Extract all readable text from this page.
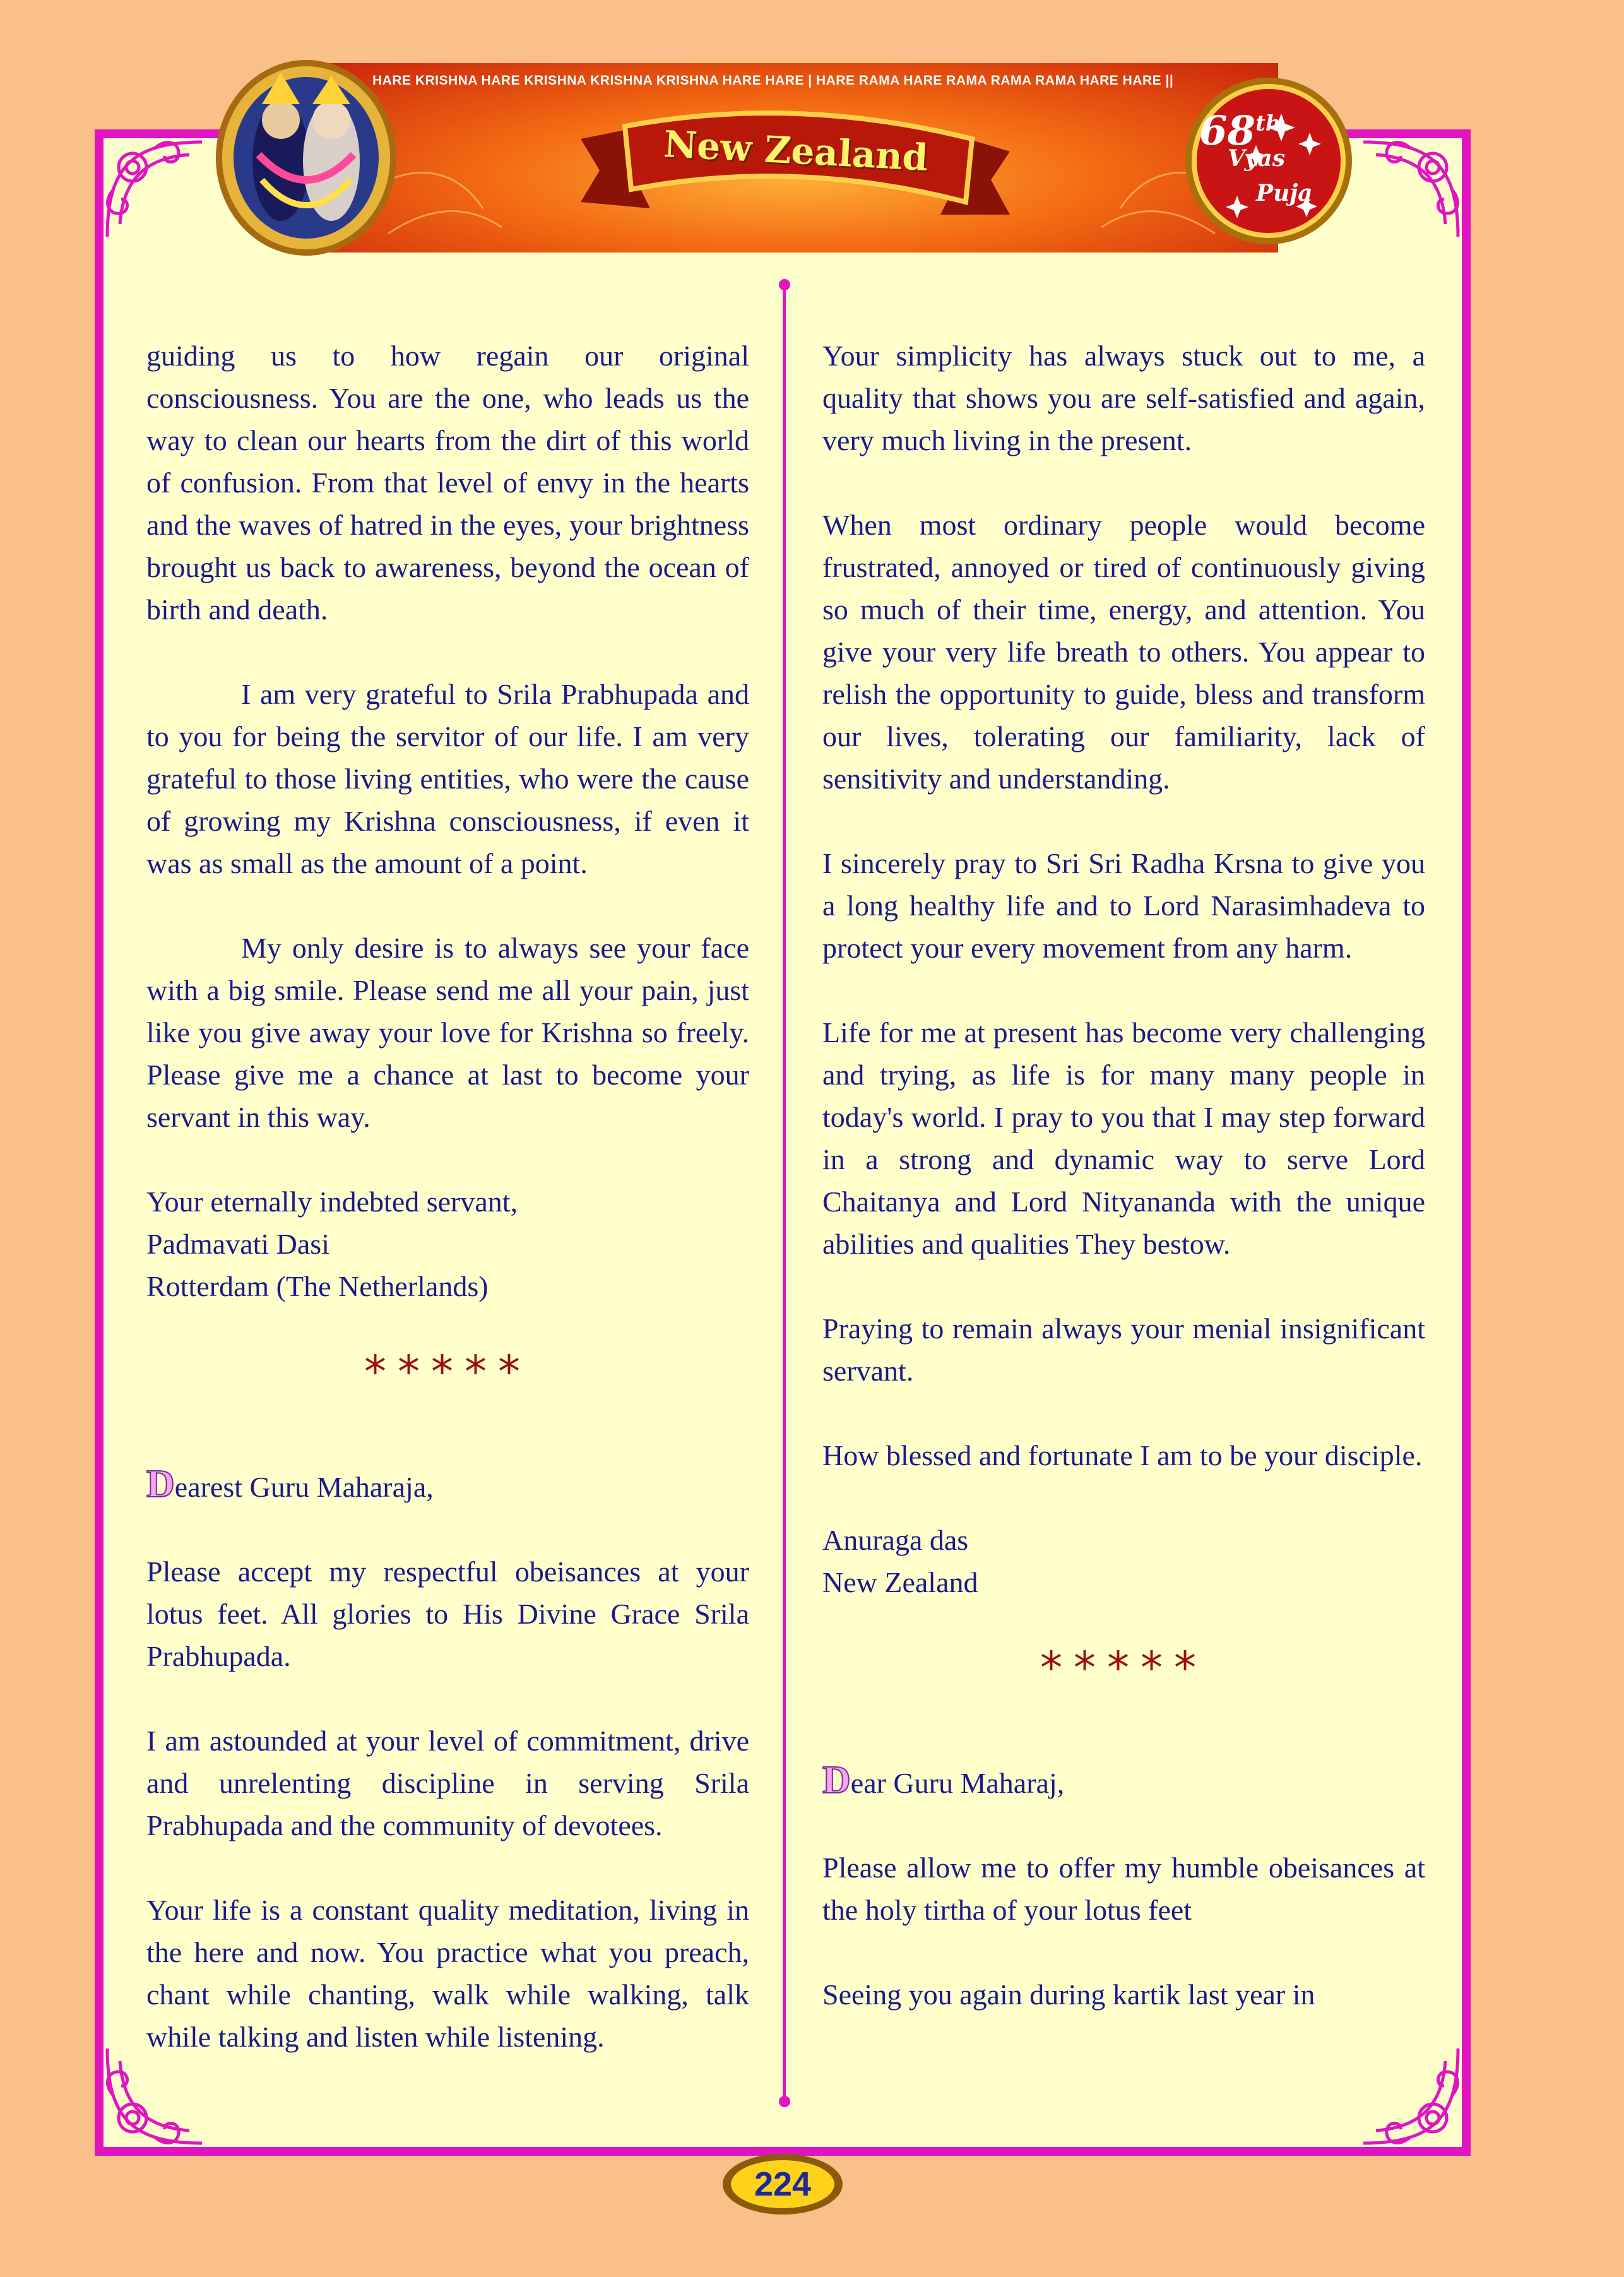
HARE KRISHNA HARE KRISHNA KRISHNA KRISHNA HARE HARE | HARE RAMA HARE RAMA RAMA RAMA HARE HARE ||
New Zealand	68th
Vyas
Puja

guiding us to how regain our original consciousness. You are the one, who leads us the way to clean our hearts from the dirt of this world of confusion. From that level of envy in the hearts and the waves of hatred in the eyes, your brightness brought us back to awareness, beyond the ocean of birth and death.

I am very grateful to Srila Prabhupada and to you for being the servitor of our life. I am very grateful to those living entities, who were the cause of growing my Krishna consciousness, if even it was as small as the amount of a point.

My only desire is to always see your face with a big smile. Please send me all your pain, just like you give away your love for Krishna so freely. Please give me a chance at last to become your servant in this way.

Your eternally indebted servant,
Padmavati Dasi
Rotterdam (The Netherlands)

*****

Dearest Guru Maharaja,

Please accept my respectful obeisances at your lotus feet. All glories to His Divine Grace Srila Prabhupada.

I am astounded at your level of commitment, drive and unrelenting discipline in serving Srila Prabhupada and the community of devotees.

Your life is a constant quality meditation, living in the here and now. You practice what you preach, chant while chanting, walk while walking, talk while talking and listen while listening.

Your simplicity has always stuck out to me, a quality that shows you are self-satisfied and again, very much living in the present.

When most ordinary people would become frustrated, annoyed or tired of continuously giving so much of their time, energy, and attention. You give your very life breath to others. You appear to relish the opportunity to guide, bless and transform our lives, tolerating our familiarity, lack of sensitivity and understanding.

I sincerely pray to Sri Sri Radha Krsna to give you a long healthy life and to Lord Narasimhadeva to protect your every movement from any harm.

Life for me at present has become very challenging and trying, as life is for many many people in today's world. I pray to you that I may step forward in a strong and dynamic way to serve Lord Chaitanya and Lord Nityananda with the unique abilities and qualities They bestow.

Praying to remain always your menial insignificant servant.

How blessed and fortunate I am to be your disciple.

Anuraga das
New Zealand

*****

Dear Guru Maharaj,

Please allow me to offer my humble obeisances at the holy tirtha of your lotus feet

Seeing you again during kartik last year in

224
